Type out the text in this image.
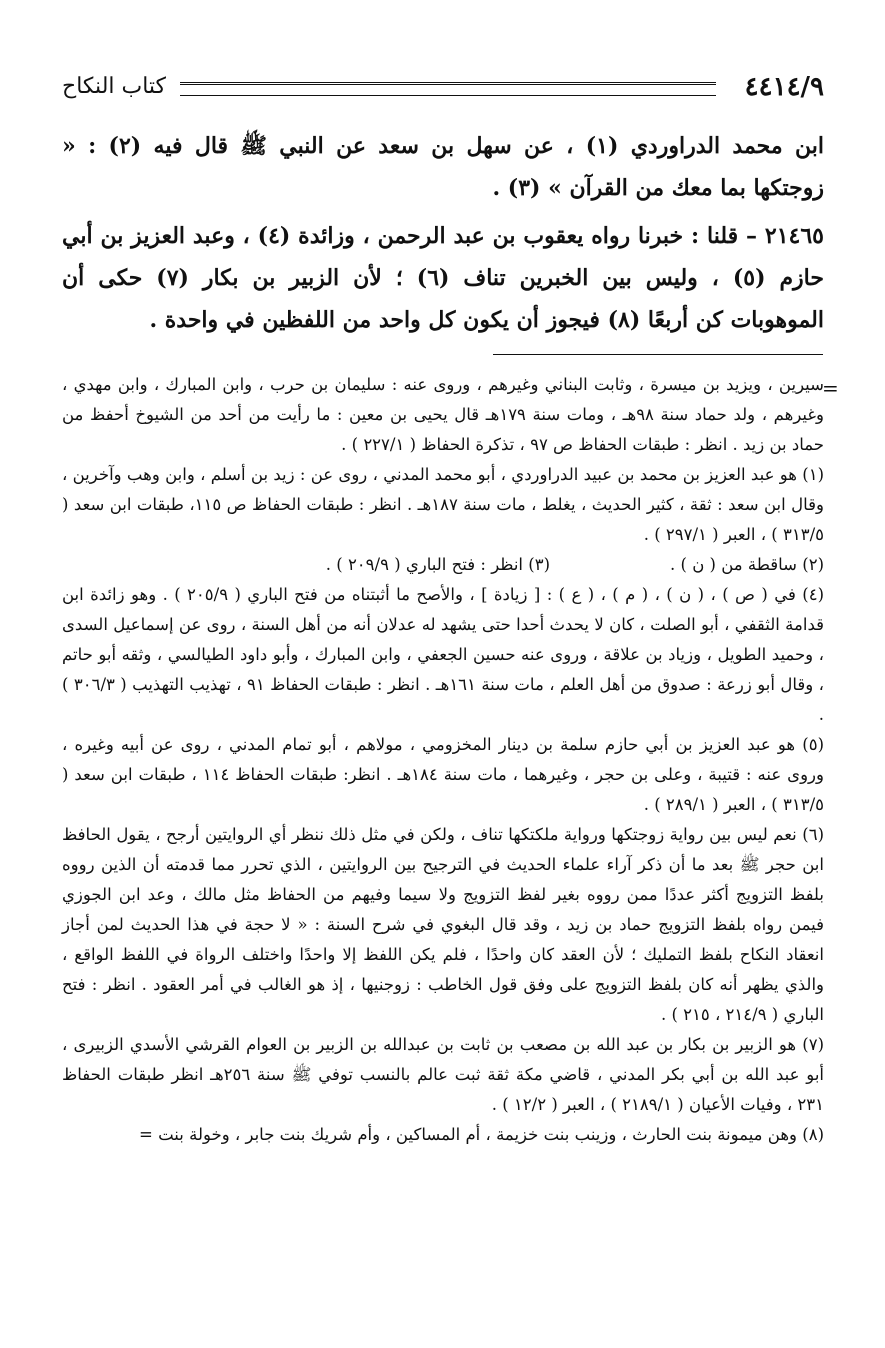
٤٤١٤/٩
كتاب النكاح

ابن محمد الدراوردي (١) ، عن سهل بن سعد عن النبي ﷺ قال فيه (٢) : « زوجتكها بما معك من القرآن » (٣) .

٢١٤٦٥ – قلنا : خبرنا رواه يعقوب بن عبد الرحمن ، وزائدة (٤) ، وعبد العزيز بن أبي حازم (٥) ، وليس بين الخبرين تناف (٦) ؛ لأن الزبير بن بكار (٧) حكى أن الموهوبات كن أربعًا (٨) فيجوز أن يكون كل واحد من اللفظين في واحدة .

=

سيرين ، ويزيد بن ميسرة ، وثابت البناني وغيرهم ، وروى عنه : سليمان بن حرب ، وابن المبارك ، وابن مهدي ، وغيرهم ، ولد حماد سنة ٩٨هـ ، ومات سنة ١٧٩هـ قال يحيى بن معين : ما رأيت من أحد من الشيوخ أحفظ من حماد بن زيد . انظر : طبقات الحفاظ ص ٩٧ ، تذكرة الحفاظ ( ٢٢٧/١ ) .

(١) هو عبد العزيز بن محمد بن عبيد الدراوردي ، أبو محمد المدني ، روى عن : زيد بن أسلم ، وابن وهب وآخرين ، وقال ابن سعد : ثقة ، كثير الحديث ، يغلط ، مات سنة ١٨٧هـ . انظر : طبقات الحفاظ ص ١١٥، طبقات ابن سعد ( ٣١٣/٥ ) ، العبر ( ٢٩٧/١ ) .

(٢) ساقطة من ( ن ) .(٣) انظر : فتح الباري ( ٢٠٩/٩ ) .

(٤) في ( ص ) ، ( ن ) ، ( م ) ، ( ع ) : [ زيادة ] ، والأصح ما أثبتناه من فتح الباري ( ٢٠٥/٩ ) . وهو زائدة ابن قدامة الثقفي ، أبو الصلت ، كان لا يحدث أحدا حتى يشهد له عدلان أنه من أهل السنة ، روى عن إسماعيل السدى ، وحميد الطويل ، وزياد بن علاقة ، وروى عنه حسين الجعفي ، وابن المبارك ، وأبو داود الطيالسي ، وثقه أبو حاتم ، وقال أبو زرعة : صدوق من أهل العلم ، مات سنة ١٦١هـ . انظر : طبقات الحفاظ ٩١ ، تهذيب التهذيب ( ٣٠٦/٣ ) .

(٥) هو عبد العزيز بن أبي حازم سلمة بن دينار المخزومي ، مولاهم ، أبو تمام المدني ، روى عن أبيه وغيره ، وروى عنه : قتيبة ، وعلى بن حجر ، وغيرهما ، مات سنة ١٨٤هـ . انظر: طبقات الحفاظ ١١٤ ، طبقات ابن سعد ( ٣١٣/٥ ) ، العبر ( ٢٨٩/١ ) .

(٦) نعم ليس بين رواية زوجتكها ورواية ملكتكها تناف ، ولكن في مثل ذلك ننظر أي الروايتين أرجح ، يقول الحافظ ابن حجر ﷺ بعد ما أن ذكر آراء علماء الحديث في الترجيح بين الروايتين ، الذي تحرر مما قدمته أن الذين رووه بلفظ التزويج أكثر عددًا ممن رووه بغير لفظ التزويج ولا سيما وفيهم من الحفاظ مثل مالك ، وعد ابن الجوزي فيمن رواه بلفظ التزويج حماد بن زيد ، وقد قال البغوي في شرح السنة : « لا حجة في هذا الحديث لمن أجاز انعقاد النكاح بلفظ التمليك ؛ لأن العقد كان واحدًا ، فلم يكن اللفظ إلا واحدًا واختلف الرواة في اللفظ الواقع ، والذي يظهر أنه كان بلفظ التزويج على وفق قول الخاطب : زوجنيها ، إذ هو الغالب في أمر العقود . انظر : فتح الباري ( ٢١٤/٩ ، ٢١٥ ) .

(٧) هو الزبير بن بكار بن عبد الله بن مصعب بن ثابت بن عبدالله بن الزبير بن العوام القرشي الأسدي الزبيرى ، أبو عبد الله بن أبي بكر المدني ، قاضي مكة ثقة ثبت عالم بالنسب توفي ﷺ سنة ٢٥٦هـ انظر طبقات الحفاظ ٢٣١ ، وفيات الأعيان ( ٢١٨٩/١ ) ، العبر ( ١٢/٢ ) .

(٨) وهن ميمونة بنت الحارث ، وزينب بنت خزيمة ، أم المساكين ، وأم شريك بنت جابر ، وخولة بنت =
